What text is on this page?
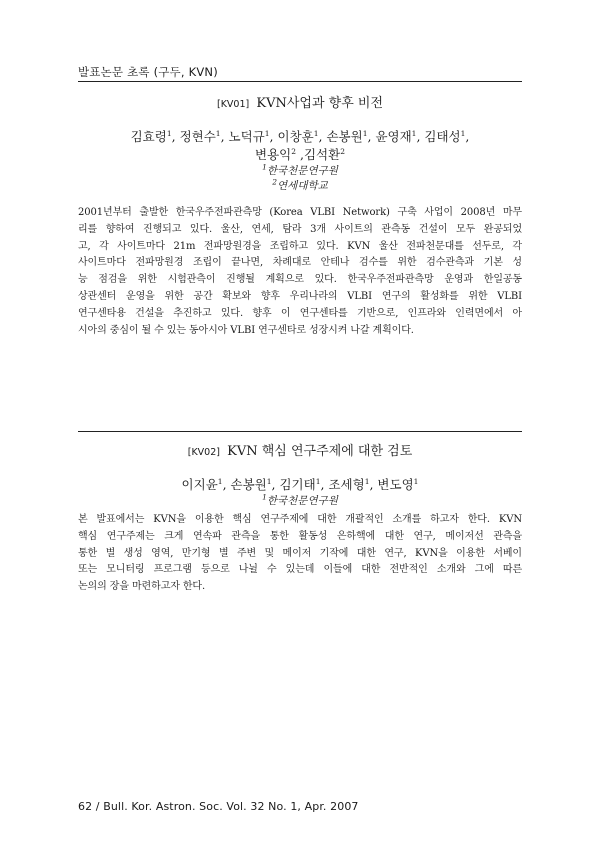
발표논문 초록 (구두, KVN)
[KV01] KVN사업과 향후 비전
김효령$^1$, 정현수$^1$, 노덕규$^1$, 이창훈$^1$, 손봉원$^1$, 윤영재$^1$, 김태성$^1$,
변용익$^2$ ,김석환$^2$
$^1$한국천문연구원
$^2$연세대학교
2001년부터 출발한 한국우주전파관측망 (Korea VLBI Network) 구축 사업이 2008년 마무
리를 향하여 진행되고 있다. 울산, 연세, 탐라 3개 사이트의 관측동 건설이 모두 완공되었
고, 각 사이트마다 21m 전파망원경을 조립하고 있다. KVN 울산 전파천문대를 선두로, 각
사이트마다 전파망원경 조립이 끝나면, 차례대로 안테나 검수를 위한 검수관측과 기본 성
능 점검을 위한 시험관측이 진행될 계획으로 있다. 한국우주전파관측망 운영과 한일공동
상관센터 운영을 위한 공간 확보와 향후 우리나라의 VLBI 연구의 활성화를 위한 VLBI
연구센타용 건설을 추진하고 있다. 향후 이 연구센타를 기반으로, 인프라와 인력면에서 아
시아의 중심이 될 수 있는 동아시아 VLBI 연구센타로 성장시켜 나갈 계획이다.
[KV02] KVN 핵심 연구주제에 대한 검토
이지윤$^1$, 손봉원$^1$, 김기태$^1$, 조세형$^1$, 변도영$^1$
$^1$한국천문연구원
본 발표에서는 KVN을 이용한 핵심 연구주제에 대한 개괄적인 소개를 하고자 한다. KVN
핵심 연구주제는 크게 연속파 관측을 통한 활동성 은하핵에 대한 연구, 메이저선 관측을
통한 별 생성 영역, 만기형 별 주변 및 메이저 기작에 대한 연구, KVN을 이용한 서베이
또는 모니터링 프로그램 등으로 나뉠 수 있는데 이들에 대한 전반적인 소개와 그에 따른
논의의 장을 마련하고자 한다.
62 / Bull. Kor. Astron. Soc. Vol. 32 No. 1, Apr. 2007
